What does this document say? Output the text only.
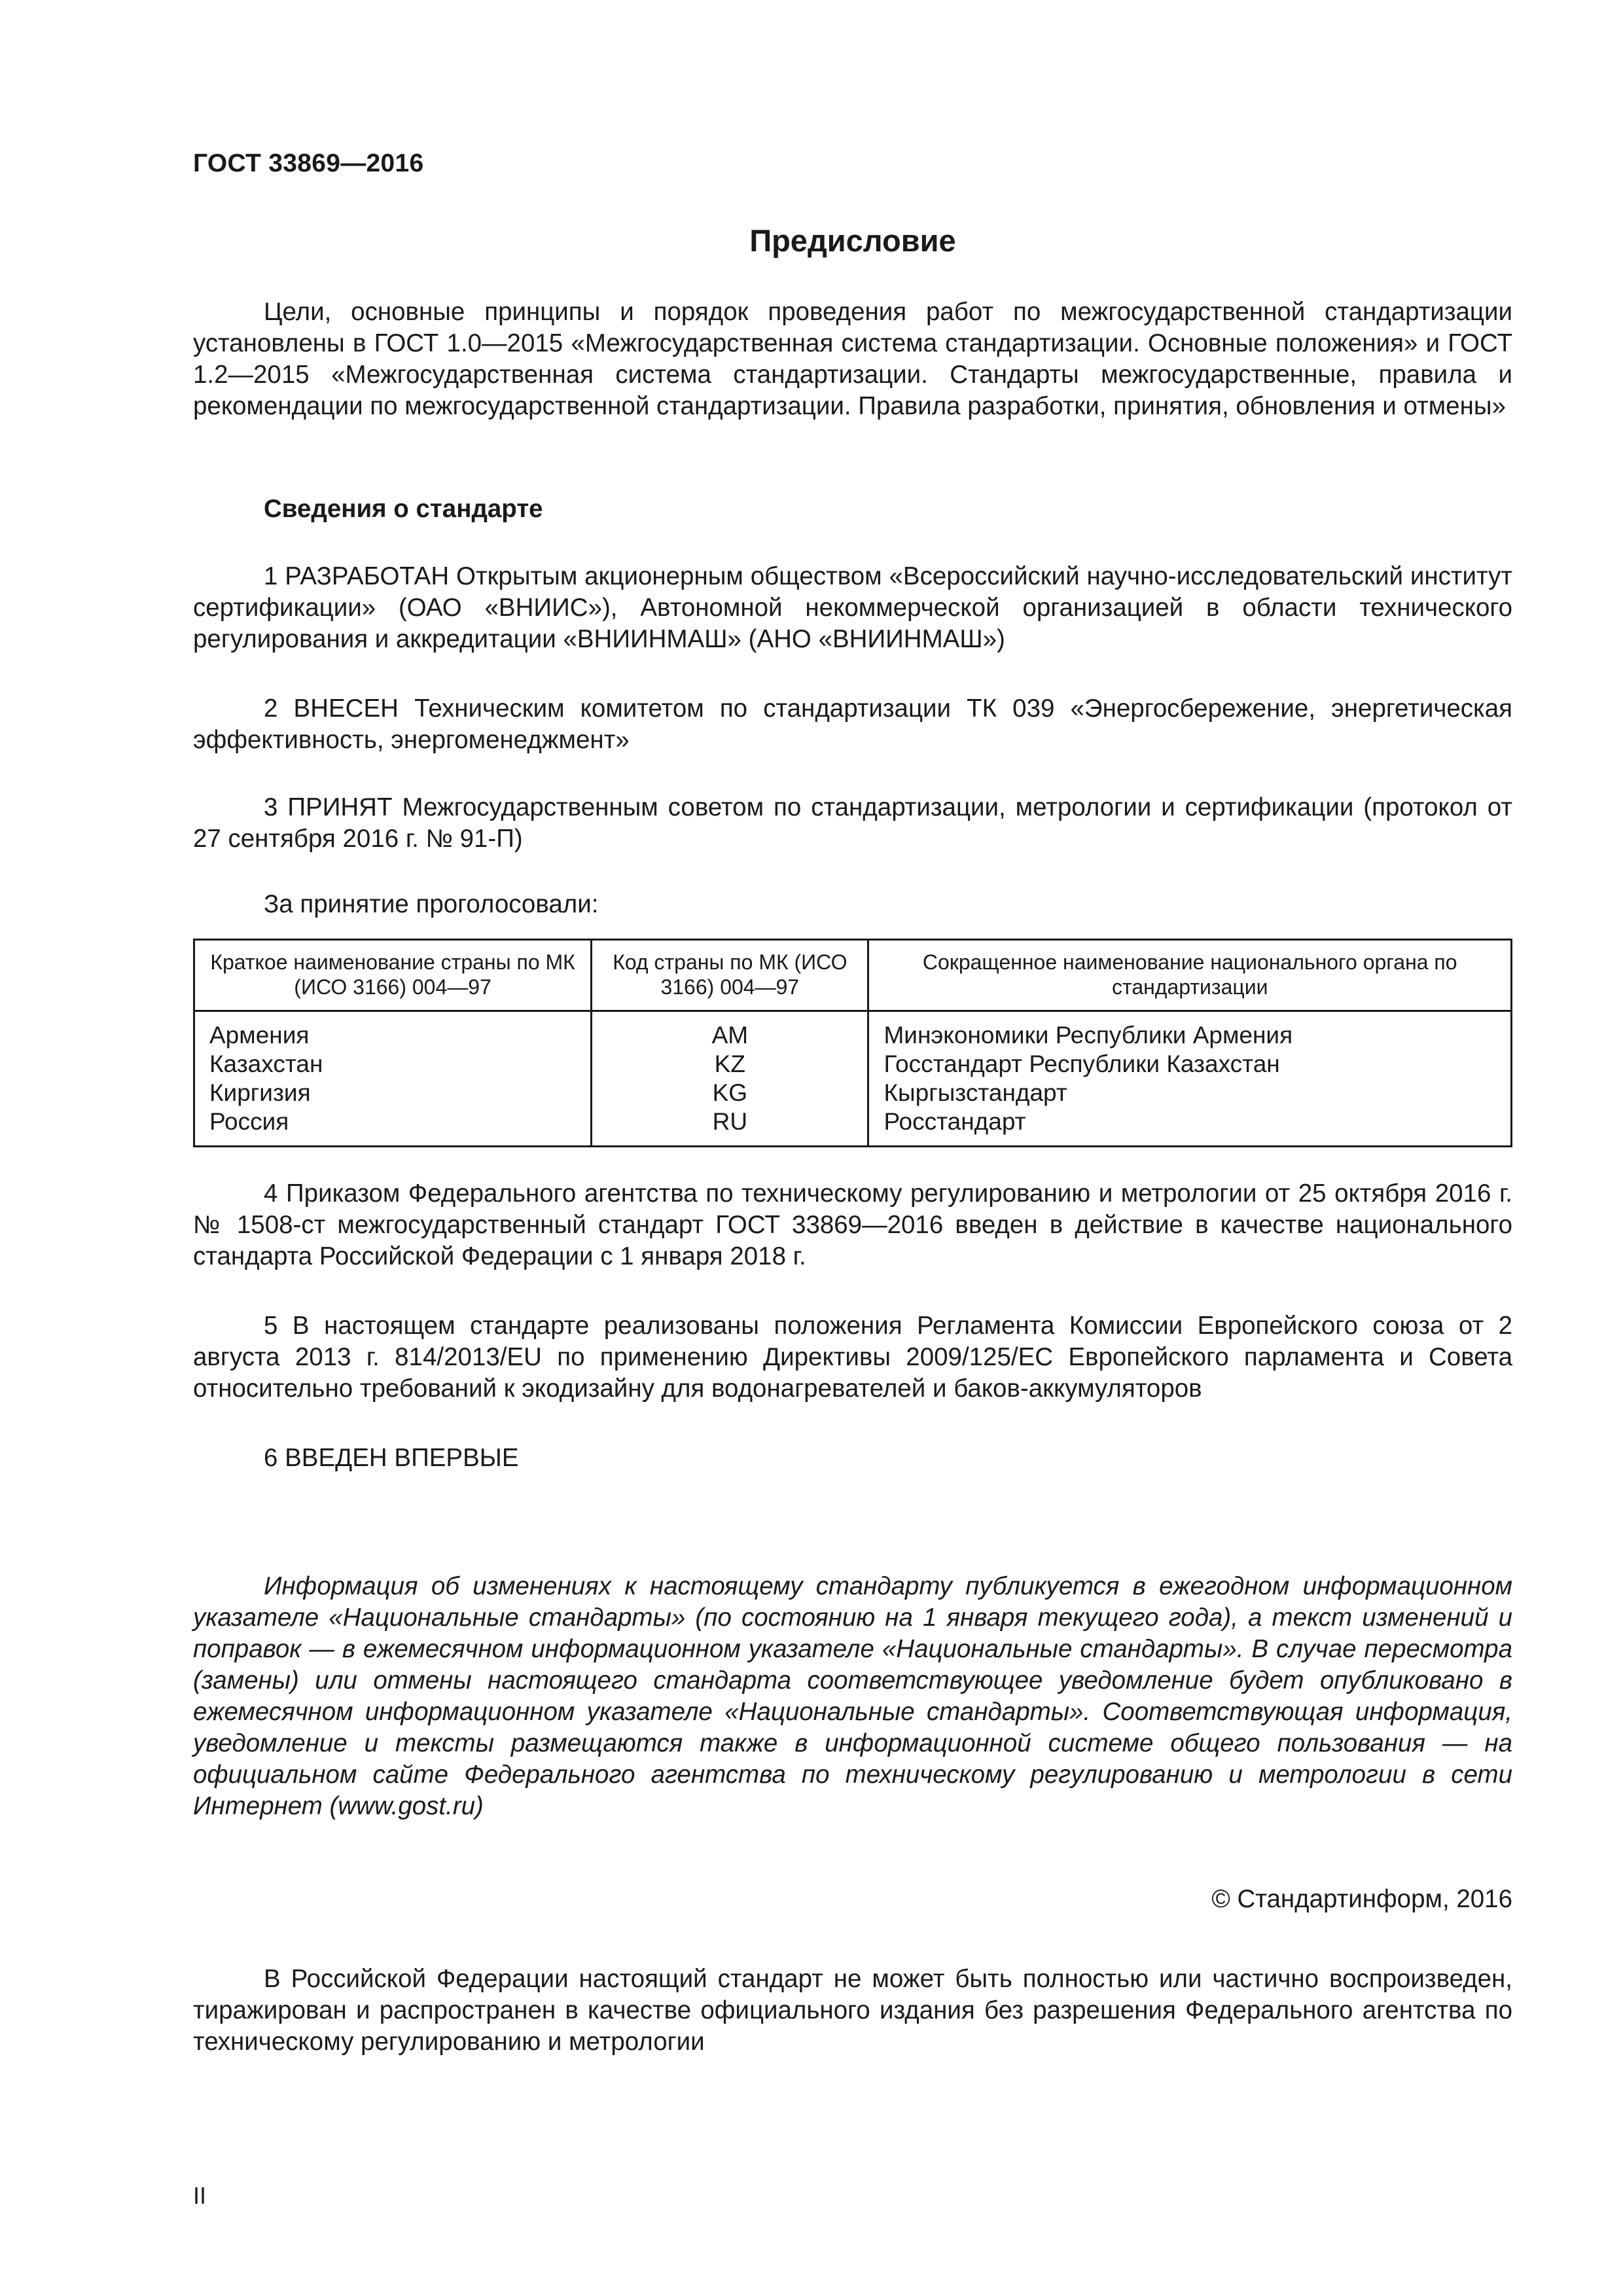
ГОСТ 33869—2016
Предисловие
Цели, основные принципы и порядок проведения работ по межгосударственной стандартизации установлены в ГОСТ 1.0—2015 «Межгосударственная система стандартизации. Основные положения» и ГОСТ 1.2—2015 «Межгосударственная система стандартизации. Стандарты межгосударственные, правила и рекомендации по межгосударственной стандартизации. Правила разработки, принятия, обновления и отмены»
Сведения о стандарте
1 РАЗРАБОТАН Открытым акционерным обществом «Всероссийский научно-исследовательский институт сертификации» (ОАО «ВНИИС»), Автономной некоммерческой организацией в области технического регулирования и аккредитации «ВНИИНМАШ» (АНО «ВНИИНМАШ»)
2 ВНЕСЕН Техническим комитетом по стандартизации ТК 039 «Энергосбережение, энергетическая эффективность, энергоменеджмент»
3 ПРИНЯТ Межгосударственным советом по стандартизации, метрологии и сертификации (протокол от 27 сентября 2016 г. № 91-П)
За принятие проголосовали:
Краткое наименование страны по МК (ИСО 3166) 004—97	Код страны по МК (ИСО 3166) 004—97	Сокращенное наименование национального органа по стандартизации
Армения	AM	Минэкономики Республики Армения
Казахстан	KZ	Госстандарт Республики Казахстан
Киргизия	KG	Кыргызстандарт
Россия	RU	Росстандарт
4 Приказом Федерального агентства по техническому регулированию и метрологии от 25 октября 2016 г. № 1508-ст межгосударственный стандарт ГОСТ 33869—2016 введен в действие в качестве национального стандарта Российской Федерации с 1 января 2018 г.
5 В настоящем стандарте реализованы положения Регламента Комиссии Европейского союза от 2 августа 2013 г. 814/2013/EU по применению Директивы 2009/125/EC Европейского парламента и Совета относительно требований к экодизайну для водонагревателей и баков-аккумуляторов
6 ВВЕДЕН ВПЕРВЫЕ
Информация об изменениях к настоящему стандарту публикуется в ежегодном информационном указателе «Национальные стандарты» (по состоянию на 1 января текущего года), а текст изменений и поправок — в ежемесячном информационном указателе «Национальные стандарты». В случае пересмотра (замены) или отмены настоящего стандарта соответствующее уведомление будет опубликовано в ежемесячном информационном указателе «Национальные стандарты». Соответствующая информация, уведомление и тексты размещаются также в информационной системе общего пользования — на официальном сайте Федерального агентства по техническому регулированию и метрологии в сети Интернет (www.gost.ru)
© Стандартинформ, 2016
В Российской Федерации настоящий стандарт не может быть полностью или частично воспроизведен, тиражирован и распространен в качестве официального издания без разрешения Федерального агентства по техническому регулированию и метрологии
II
